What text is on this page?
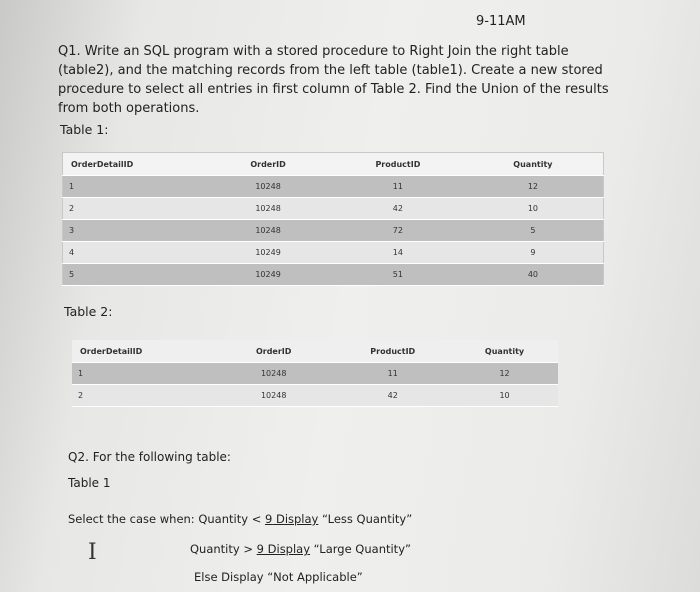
9-11AM
Q1. Write an SQL program with a stored procedure to Right Join the right table (table2), and the matching records from the left table (table1). Create a new stored procedure to select all entries in first column of Table 2. Find the Union of the results from both operations.
Table 1:
OrderDetailID	OrderID	ProductID	Quantity
1	10248	11	12
2	10248	42	10
3	10248	72	5
4	10249	14	9
5	10249	51	40
Table 2:
OrderDetailID	OrderID	ProductID	Quantity
1	10248	11	12
2	10248	42	10
Q2. For the following table:
Table 1
Select the case when: Quantity < 9 Display “Less Quantity”
Quantity > 9 Display “Large Quantity”
Else Display “Not Applicable”
I
